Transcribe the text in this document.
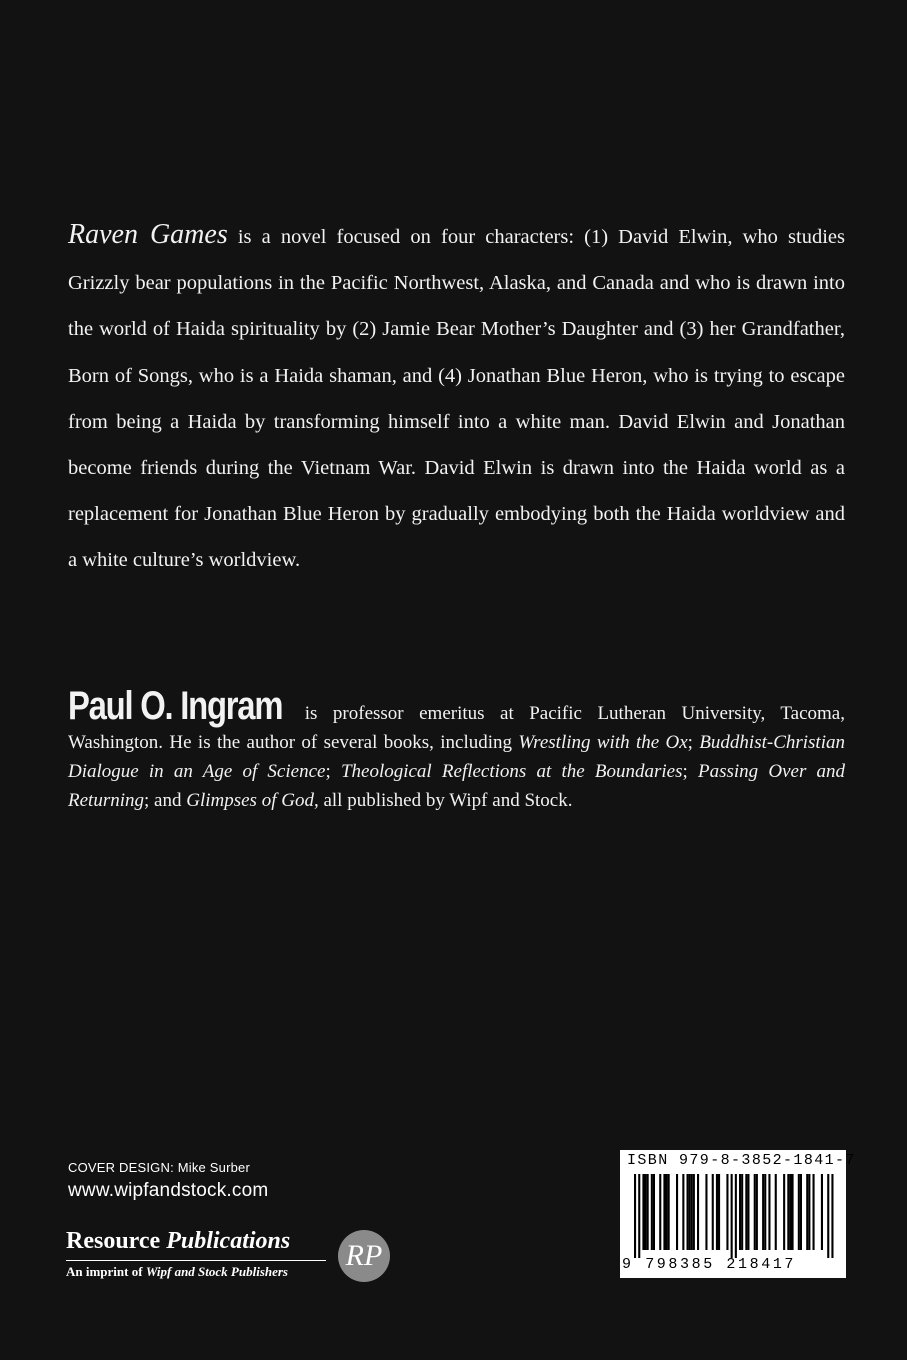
Raven Games is a novel focused on four characters: (1) David Elwin, who studies Grizzly bear populations in the Pacific Northwest, Alaska, and Canada and who is drawn into the world of Haida spirituality by (2) Jamie Bear Mother’s Daughter and (3) her Grandfather, Born of Songs, who is a Haida shaman, and (4) Jonathan Blue Heron, who is trying to escape from being a Haida by transforming himself into a white man. David Elwin and Jonathan become friends during the Vietnam War. David Elwin is drawn into the Haida world as a replacement for Jonathan Blue Heron by gradually embodying both the Haida worldview and a white culture’s worldview.

Paul O. Ingram is professor emeritus at Pacific Lutheran University, Tacoma, Washington. He is the author of several books, including Wrestling with the Ox; Buddhist-Christian Dialogue in an Age of Science; Theological Reflections at the Boundaries; Passing Over and Returning; and Glimpses of God, all published by Wipf and Stock.

COVER DESIGN: Mike Surber
www.wipfandstock.com
Resource Publications
An imprint of Wipf and Stock Publishers RP
ISBN 979-8-3852-1841-7
9 798385 218417
